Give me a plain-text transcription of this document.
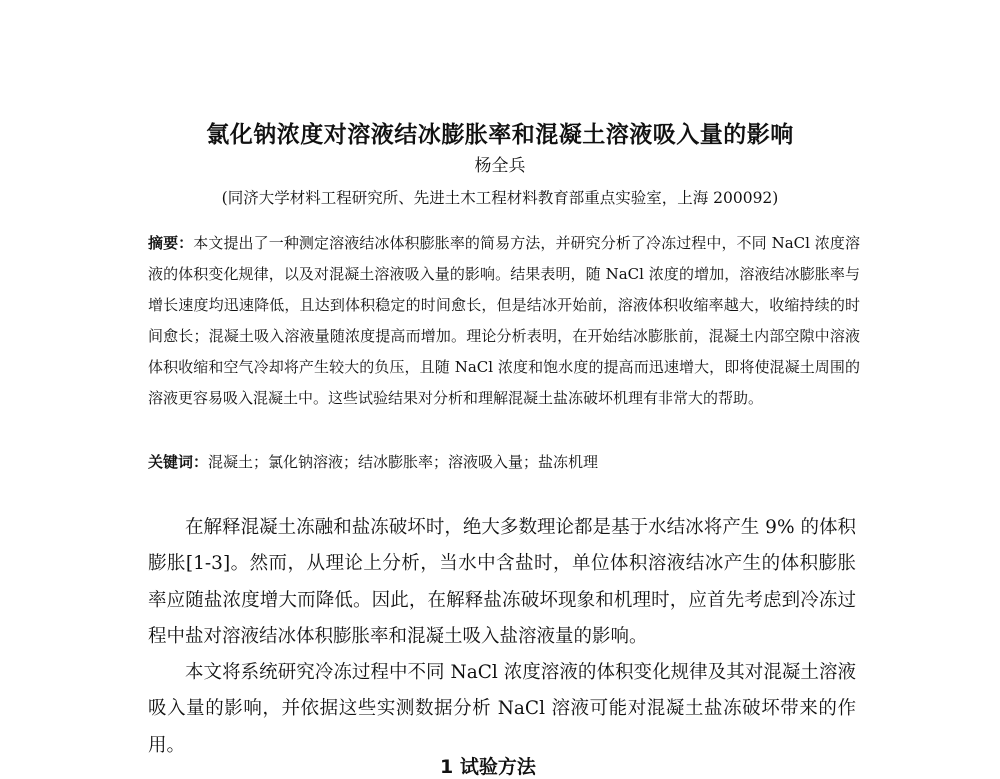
氯化钠浓度对溶液结冰膨胀率和混凝土溶液吸入量的影响
杨全兵
(同济大学材料工程研究所、先进土木工程材料教育部重点实验室，上海 200092)

摘要：本文提出了一种测定溶液结冰体积膨胀率的简易方法，并研究分析了冷冻过程中，不同 NaCl 浓度溶液的体积变化规律，以及对混凝土溶液吸入量的影响。结果表明，随 NaCl 浓度的增加，溶液结冰膨胀率与增长速度均迅速降低，且达到体积稳定的时间愈长，但是结冰开始前，溶液体积收缩率越大，收缩持续的时间愈长；混凝土吸入溶液量随浓度提高而增加。理论分析表明，在开始结冰膨胀前，混凝土内部空隙中溶液体积收缩和空气冷却将产生较大的负压，且随 NaCl 浓度和饱水度的提高而迅速增大，即将使混凝土周围的溶液更容易吸入混凝土中。这些试验结果对分析和理解混凝土盐冻破坏机理有非常大的帮助。

关键词：混凝土；氯化钠溶液；结冰膨胀率；溶液吸入量；盐冻机理

在解释混凝土冻融和盐冻破坏时，绝大多数理论都是基于水结冰将产生 9% 的体积膨胀[1-3]。然而，从理论上分析，当水中含盐时，单位体积溶液结冰产生的体积膨胀率应随盐浓度增大而降低。因此，在解释盐冻破坏现象和机理时，应首先考虑到冷冻过程中盐对溶液结冰体积膨胀率和混凝土吸入盐溶液量的影响。

本文将系统研究冷冻过程中不同 NaCl 浓度溶液的体积变化规律及其对混凝土溶液吸入量的影响，并依据这些实测数据分析 NaCl 溶液可能对混凝土盐冻破坏带来的作用。

1 试验方法
